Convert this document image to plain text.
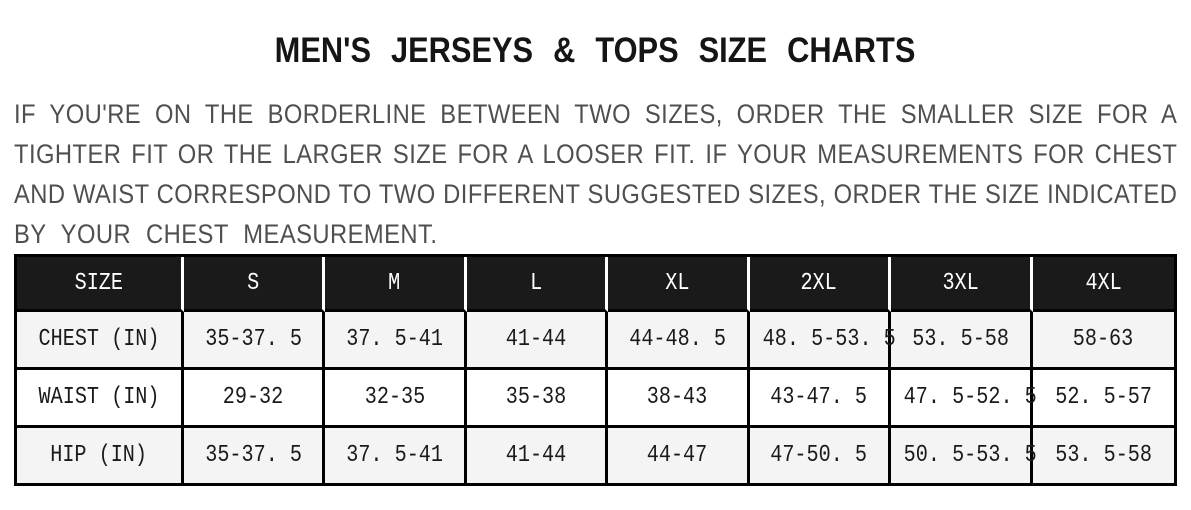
MEN'S JERSEYS & TOPS SIZE CHARTS
IF YOU'RE ON THE BORDERLINE BETWEEN TWO SIZES, ORDER THE SMALLER SIZE FOR A
TIGHTER FIT OR THE LARGER SIZE FOR A LOOSER FIT. IF YOUR MEASUREMENTS FOR CHEST
AND WAIST CORRESPOND TO TWO DIFFERENT SUGGESTED SIZES, ORDER THE SIZE INDICATED
BY YOUR CHEST MEASUREMENT.
SIZE	S	M	L	XL	2XL	3XL	4XL
CHEST (IN)	35-37. 5	37. 5-41	41-44	44-48. 5	48. 5-53. 5	53. 5-58	58-63
WAIST (IN)	29-32	32-35	35-38	38-43	43-47. 5	47. 5-52. 5	52. 5-57
HIP (IN)	35-37. 5	37. 5-41	41-44	44-47	47-50. 5	50. 5-53. 5	53. 5-58
